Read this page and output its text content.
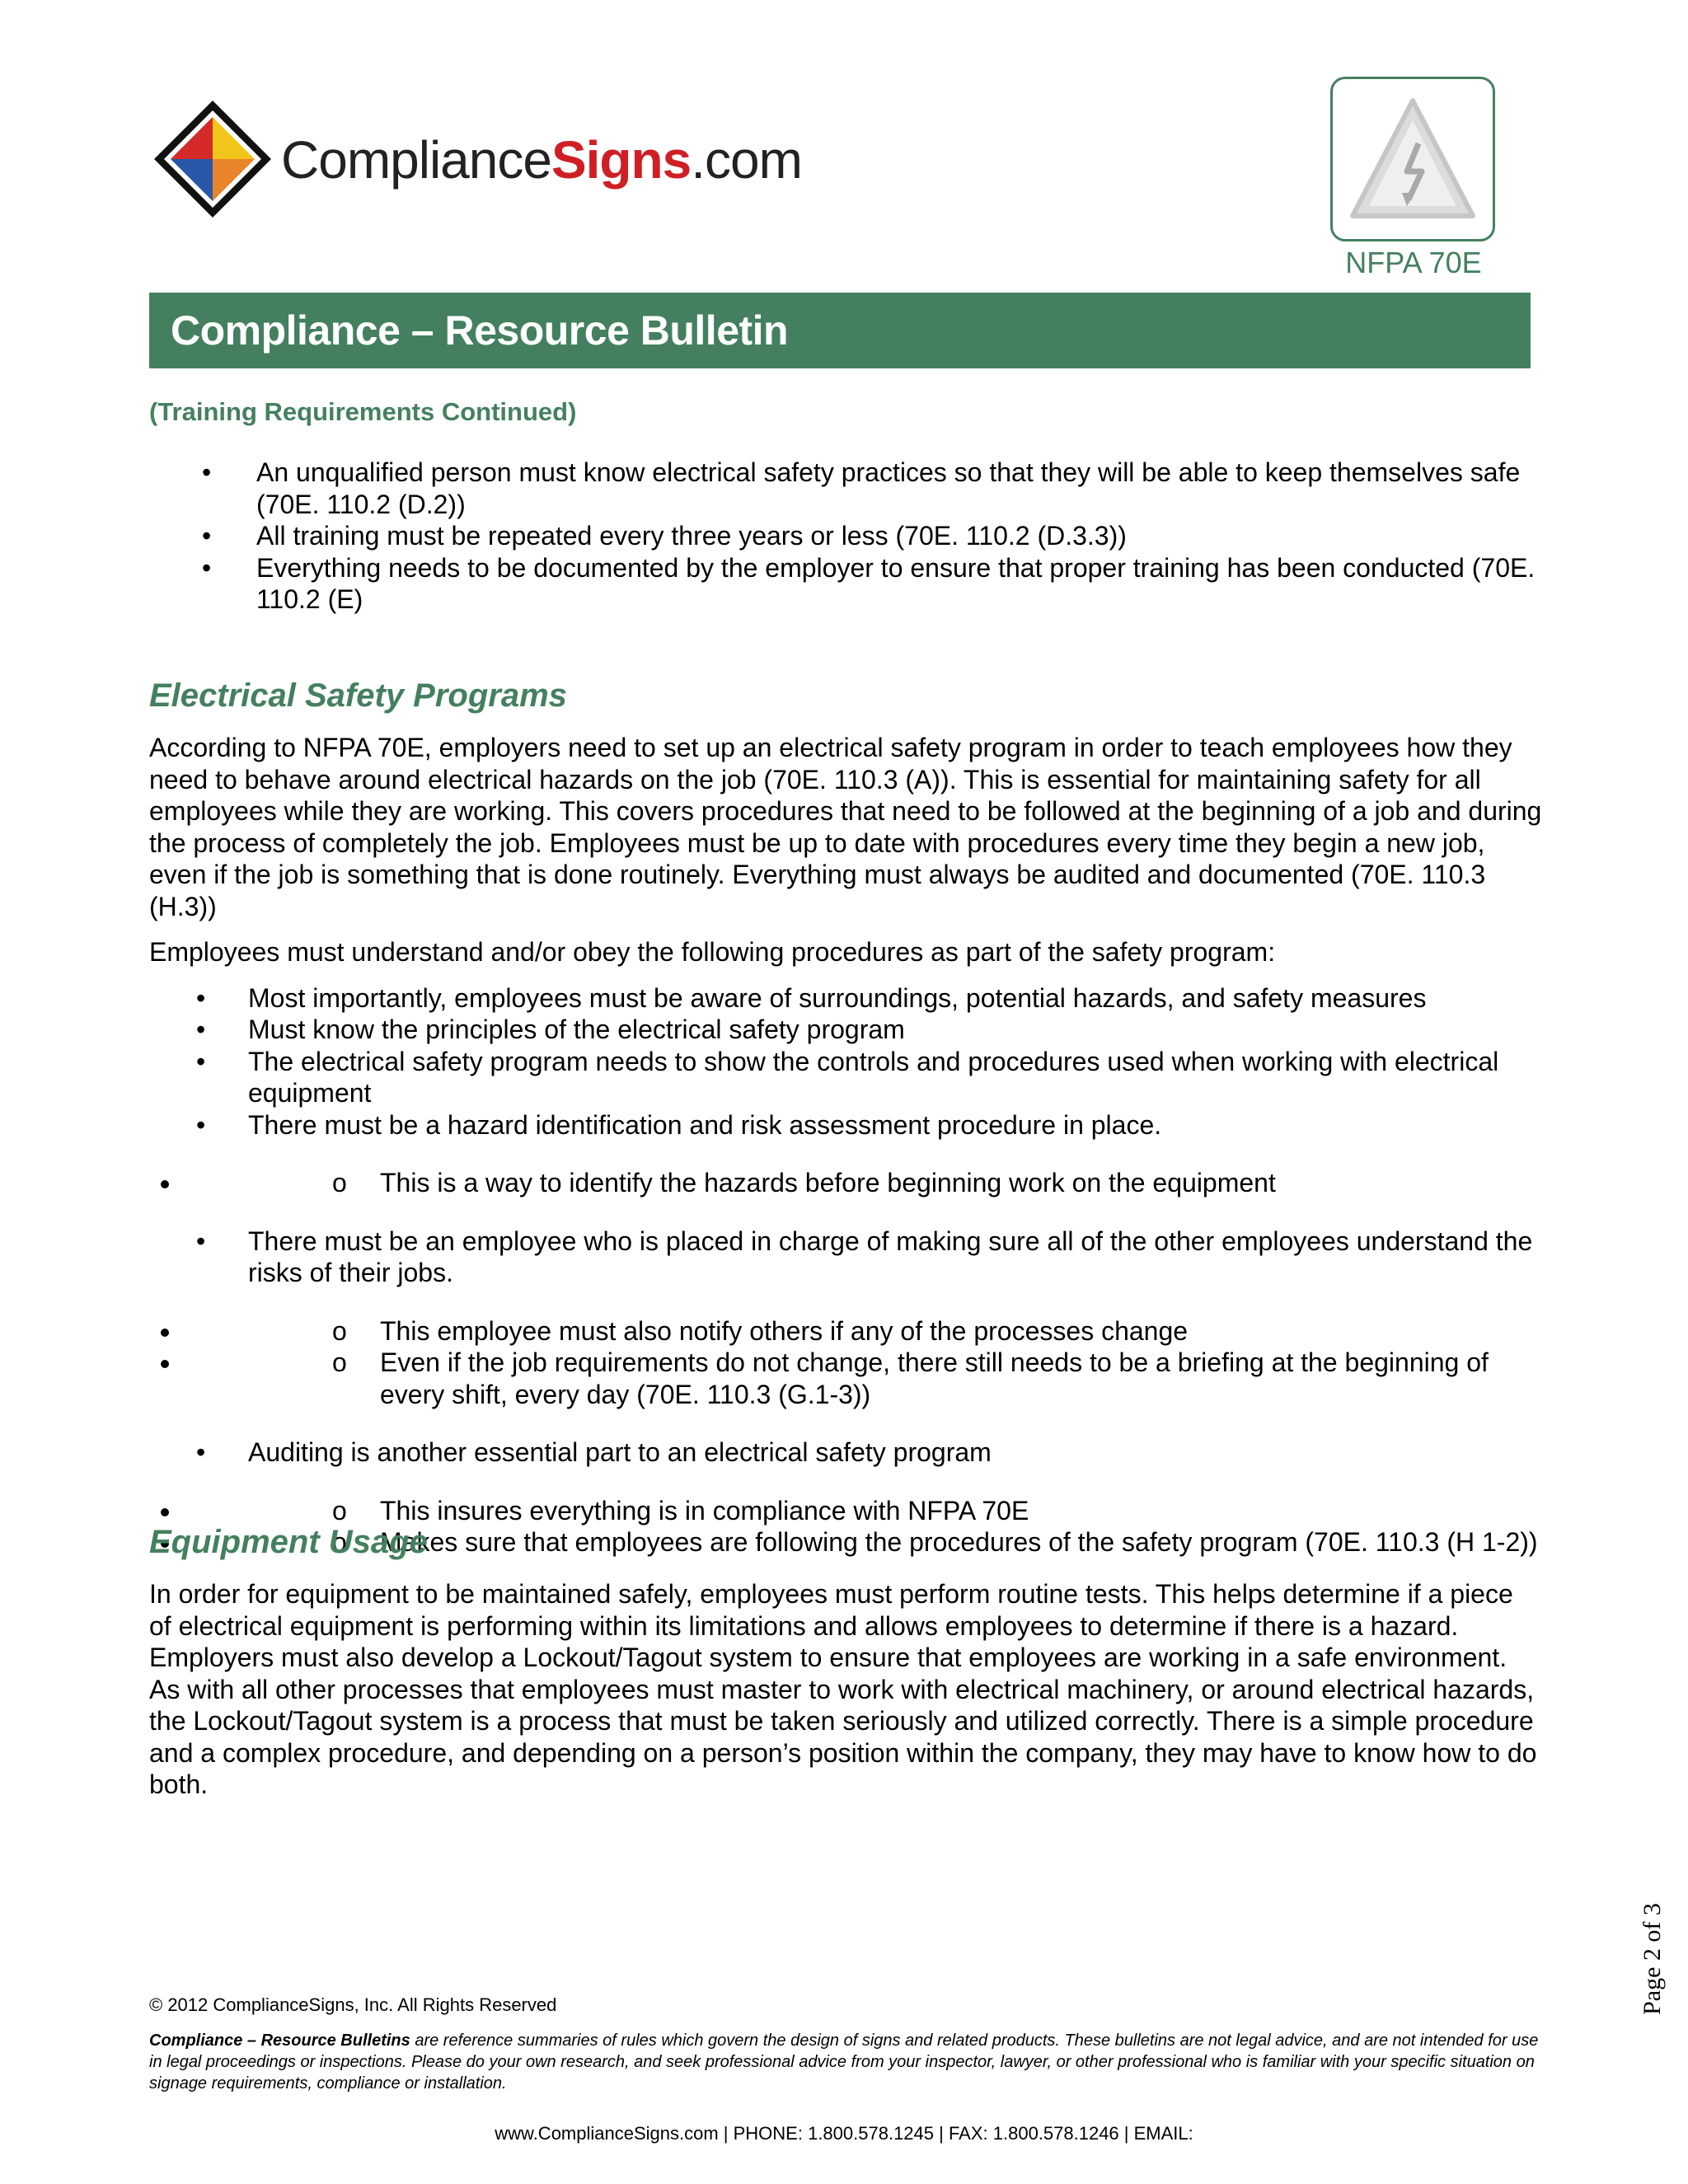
ComplianceSigns.com
NFPA 70E
Compliance – Resource Bulletin
(Training Requirements Continued)
• An unqualified person must know electrical safety practices so that they will be able to keep themselves safe (70E. 110.2 (D.2))
• All training must be repeated every three years or less (70E. 110.2 (D.3.3))
• Everything needs to be documented by the employer to ensure that proper training has been conducted (70E. 110.2 (E)
Electrical Safety Programs

According to NFPA 70E, employers need to set up an electrical safety program in order to teach employees how they need to behave around electrical hazards on the job (70E. 110.3 (A)). This is essential for maintaining safety for all employees while they are working. This covers procedures that need to be followed at the beginning of a job and during the process of completely the job. Employees must be up to date with procedures every time they begin a new job, even if the job is something that is done routinely. Everything must always be audited and documented (70E. 110.3 (H.3))

Employees must understand and/or obey the following procedures as part of the safety program:

• Most importantly, employees must be aware of surroundings, potential hazards, and safety measures
• Must know the principles of the electrical safety program
• The electrical safety program needs to show the controls and procedures used when working with electrical equipment
• There must be a hazard identification and risk assessment procedure in place.
o • This is a way to identify the hazards before beginning work on the equipment
• There must be an employee who is placed in charge of making sure all of the other employees understand the risks of their jobs.
o • This employee must also notify others if any of the processes change
o • Even if the job requirements do not change, there still needs to be a briefing at the beginning of every shift, every day (70E. 110.3 (G.1-3))
• Auditing is another essential part to an electrical safety program
o • This insures everything is in compliance with NFPA 70E
o • Makes sure that employees are following the procedures of the safety program (70E. 110.3 (H 1-2))
Equipment Usage

In order for equipment to be maintained safely, employees must perform routine tests. This helps determine if a piece of electrical equipment is performing within its limitations and allows employees to determine if there is a hazard. Employers must also develop a Lockout/Tagout system to ensure that employees are working in a safe environment. As with all other processes that employees must master to work with electrical machinery, or around electrical hazards, the Lockout/Tagout system is a process that must be taken seriously and utilized correctly. There is a simple procedure and a complex procedure, and depending on a person’s position within the company, they may have to know how to do both.

Page 2 of 3
© 2012 ComplianceSigns, Inc. All Rights Reserved
Compliance – Resource Bulletins are reference summaries of rules which govern the design of signs and related products. These bulletins are not legal advice, and are not intended for use in legal proceedings or inspections. Please do your own research, and seek professional advice from your inspector, lawyer, or other professional who is familiar with your specific situation on signage requirements, compliance or installation.
www.ComplianceSigns.com | PHONE: 1.800.578.1245 | FAX: 1.800.578.1246 | EMAIL:
